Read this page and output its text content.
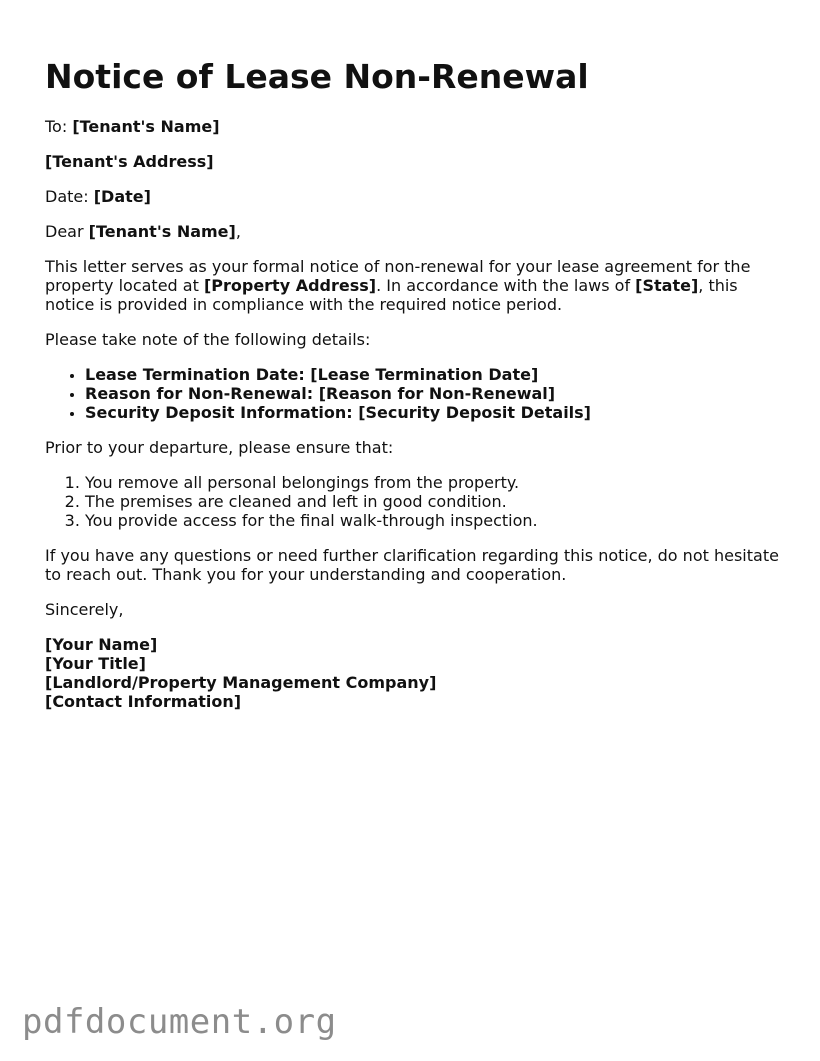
Notice of Lease Non-Renewal

To: [Tenant's Name]

[Tenant's Address]

Date: [Date]

Dear [Tenant's Name],

This letter serves as your formal notice of non-renewal for your lease agreement for the property located at [Property Address]. In accordance with the laws of [State], this notice is provided in compliance with the required notice period.

Please take note of the following details:

• Lease Termination Date: [Lease Termination Date]
• Reason for Non-Renewal: [Reason for Non-Renewal]
• Security Deposit Information: [Security Deposit Details]

Prior to your departure, please ensure that:

1. You remove all personal belongings from the property.
2. The premises are cleaned and left in good condition.
3. You provide access for the final walk-through inspection.

If you have any questions or need further clarification regarding this notice, do not hesitate to reach out. Thank you for your understanding and cooperation.

Sincerely,

[Your Name]

[Your Title]

[Landlord/Property Management Company]

[Contact Information]

pdfdocument.org
